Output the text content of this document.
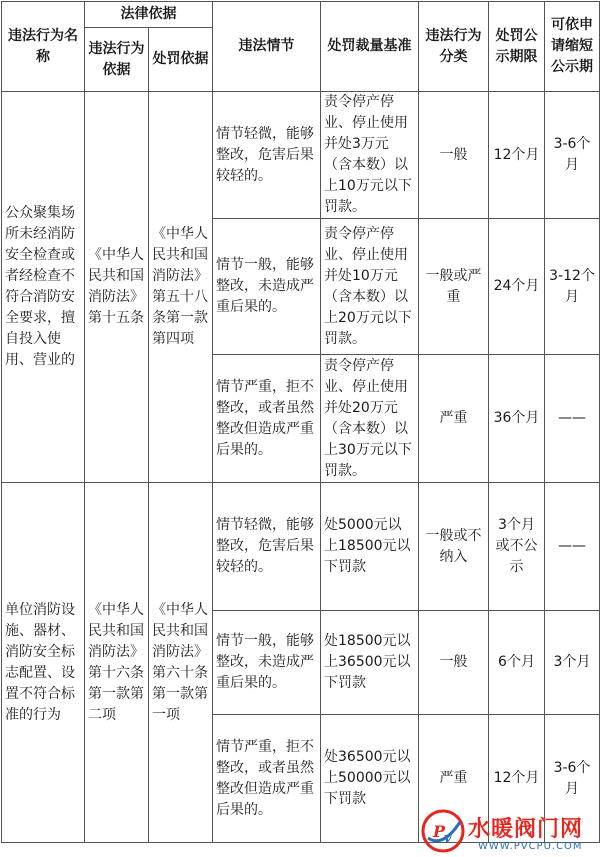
违法行为名称	法律依据		违法情节	处罚裁量基准	违法行为分类	处罚公示期限	可依申请缩短公示期
	违法行为依据	处罚依据					
公众聚集场所未经消防安全检查或者经检查不符合消防安全要求，擅自投入使用、营业的	《中华人民共和国消防法》第十五条	《中华人民共和国消防法》第五十八条第一款第四项	情节轻微，能够整改，危害后果较轻的。	责令停产停业、停止使用并处3万元（含本数）以上10万元以下罚款。	一般	12个月	3-6个月
			情节一般，能够整改，未造成严重后果的。	责令停产停业、停止使用并处10万元（含本数）以上20万元以下罚款。	一般或严重	24个月	3-12个月
			情节严重，拒不整改，或者虽然整改但造成严重后果的。	责令停产停业、停止使用并处20万元（含本数）以上30万元以下罚款。	严重	36个月	——
单位消防设施、器材、消防安全标志配置、设置不符合标准的行为	《中华人民共和国消防法》第十六条第一款第二项	《中华人民共和国消防法》第六十条第一款第一项	情节轻微，能够整改，危害后果较轻的。	处5000元以上18500元以下罚款	一般或不纳入	3个月或不公示	——
			情节一般，能够整改，未造成严重后果的。	处18500元以上36500元以下罚款	一般	6个月	3个月
			情节严重，拒不整改，或者虽然整改但造成严重后果的。	处36500元以上50000元以下罚款	严重	12个月	3-6个月
P
v 水暖阀门网
WWW.PVCPU.COM
